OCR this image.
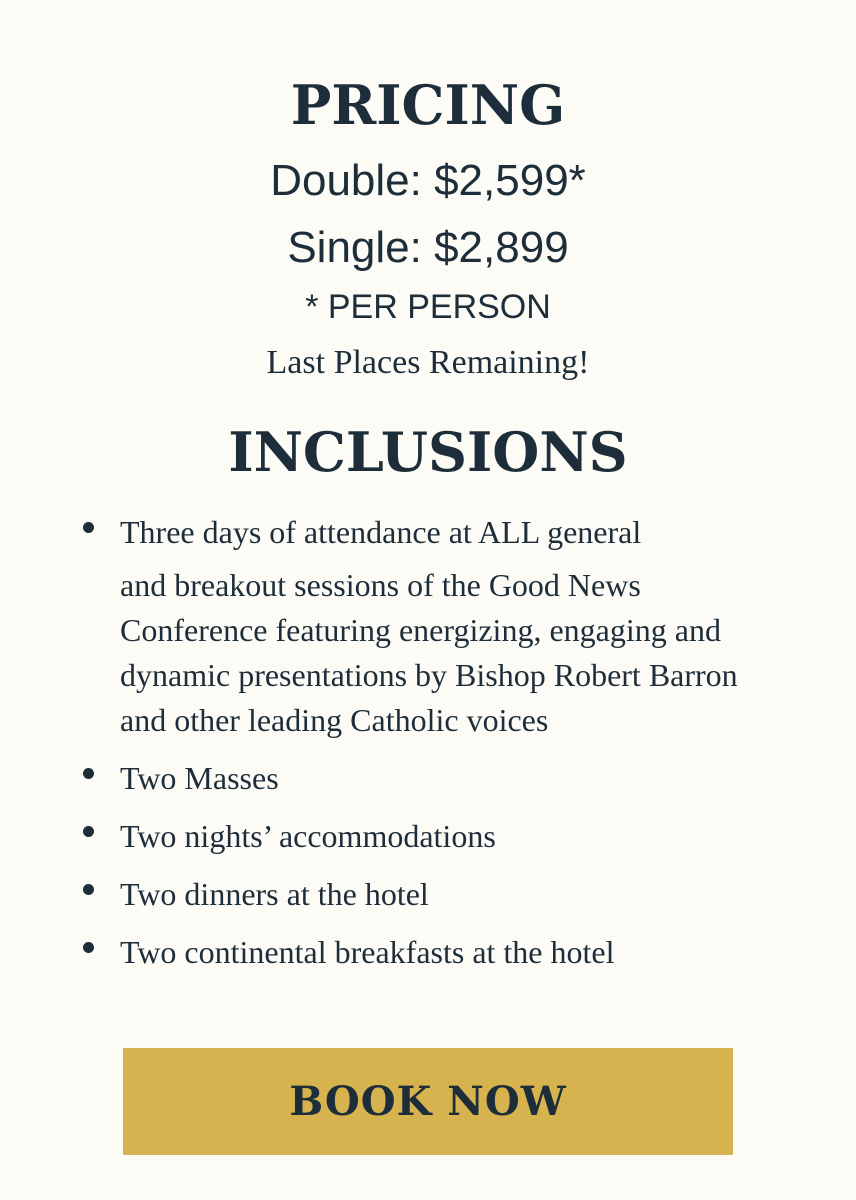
PRICING
Double: $2,599*
Single: $2,899
* PER PERSON
Last Places Remaining!
INCLUSIONS
Three days of attendance at ALL general
and breakout sessions of the Good News Conference featuring energizing, engaging and dynamic presentations by Bishop Robert Barron and other leading Catholic voices
Two Masses
Two nights’ accommodations
Two dinners at the hotel
Two continental breakfasts at the hotel
BOOK NOW
